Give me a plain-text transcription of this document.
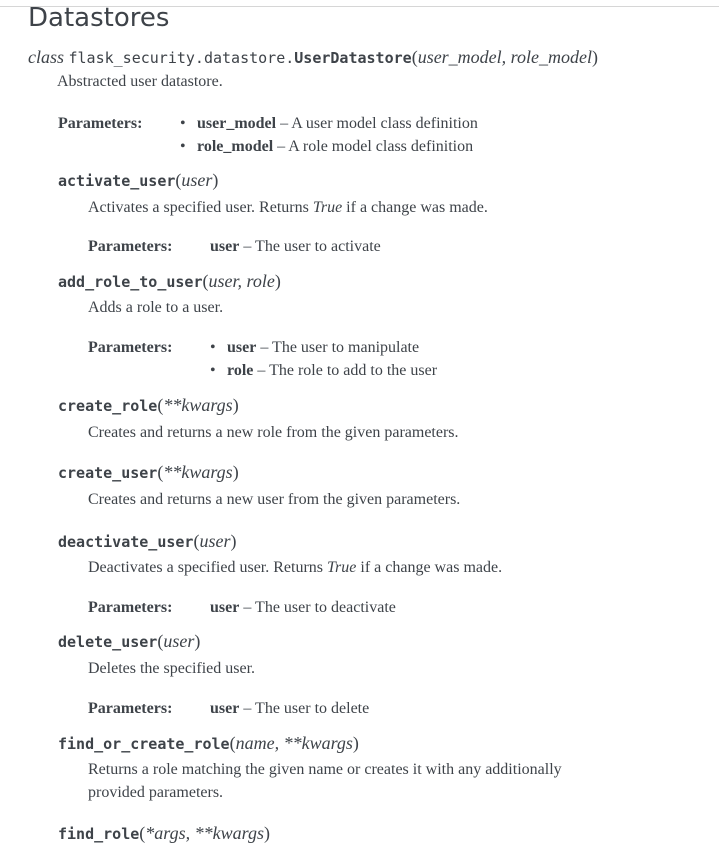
Datastores
class flask_security.datastore.UserDatastore(user_model, role_model)
Abstracted user datastore.
Parameters:	• user_model – A user model class definition
• role_model – A role model class definition
activate_user(user)
Activates a specified user. Returns True if a change was made.
Parameters: user – The user to activate
add_role_to_user(user, role)
Adds a role to a user.
Parameters:	• user – The user to manipulate
• role – The role to add to the user
create_role(**kwargs)
Creates and returns a new role from the given parameters.
create_user(**kwargs)
Creates and returns a new user from the given parameters.
deactivate_user(user)
Deactivates a specified user. Returns True if a change was made.
Parameters: user – The user to deactivate
delete_user(user)
Deletes the specified user.
Parameters: user – The user to delete
find_or_create_role(name, **kwargs)
Returns a role matching the given name or creates it with any additionally
provided parameters.
find_role(*args, **kwargs)
